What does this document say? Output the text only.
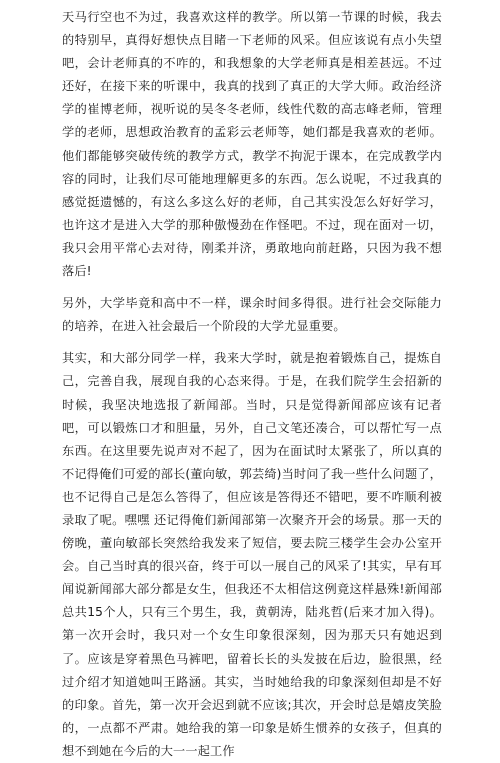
天马行空也不为过，我喜欢这样的教学。所以第一节课的时候，我去的特别早，真得好想快点目睹一下老师的风采。但应该说有点小失望吧，会计老师真的不咋的，和我想象的大学老师真是相差甚远。不过还好，在接下来的听课中，我真的找到了真正的大学大师。政治经济学的崔博老师，视听说的吴冬冬老师，线性代数的高志峰老师，管理学的老师，思想政治教育的孟彩云老师等，她们都是我喜欢的老师。他们都能够突破传统的教学方式，教学不拘泥于课本，在完成教学内容的同时，让我们尽可能地理解更多的东西。怎么说呢，不过我真的感觉挺遗憾的，有这么多这么好的老师，自己其实没怎么好好学习，也许这才是进入大学的那种傲慢劲在作怪吧。不过，现在面对一切，我只会用平常心去对待，刚柔并济，勇敢地向前赶路，只因为我不想落后!

另外，大学毕竟和高中不一样，课余时间多得很。进行社会交际能力的培养，在进入社会最后一个阶段的大学尤显重要。

其实，和大部分同学一样，我来大学时，就是抱着锻炼自己，提炼自己，完善自我，展现自我的心态来得。于是，在我们院学生会招新的时候，我坚决地选报了新闻部。当时，只是觉得新闻部应该有记者吧，可以锻炼口才和胆量，另外，自己文笔还凑合，可以帮忙写一点东西。在这里要先说声对不起了，因为在面试时太紧张了，所以真的不记得俺们可爱的部长(董向敏，郭芸绮)当时问了我一些什么问题了，也不记得自己是怎么答得了，但应该是答得还不错吧，要不咋顺利被录取了呢。嘿嘿 还记得俺们新闻部第一次聚齐开会的场景。那一天的傍晚，董向敏部长突然给我发来了短信，要去院三楼学生会办公室开会。自己当时真的很兴奋，终于可以一展自己的风采了!其实，早有耳闻说新闻部大部分都是女生，但我还不太相信这例竟这样悬殊!新闻部总共15个人，只有三个男生，我，黄朝涛，陆兆哲(后来才加入得)。 第一次开会时，我只对一个女生印象很深刻，因为那天只有她迟到了。应该是穿着黑色马裤吧，留着长长的头发披在后边，脸很黑，经过介绍才知道她叫王路涵。其实，当时她给我的印象深刻但却是不好的印象。首先，第一次开会迟到就不应该;其次，开会时总是嬉皮笑脸的，一点都不严肃。她给我的第一印象是娇生惯养的女孩子，但真的想不到她在今后的大一一起工作
